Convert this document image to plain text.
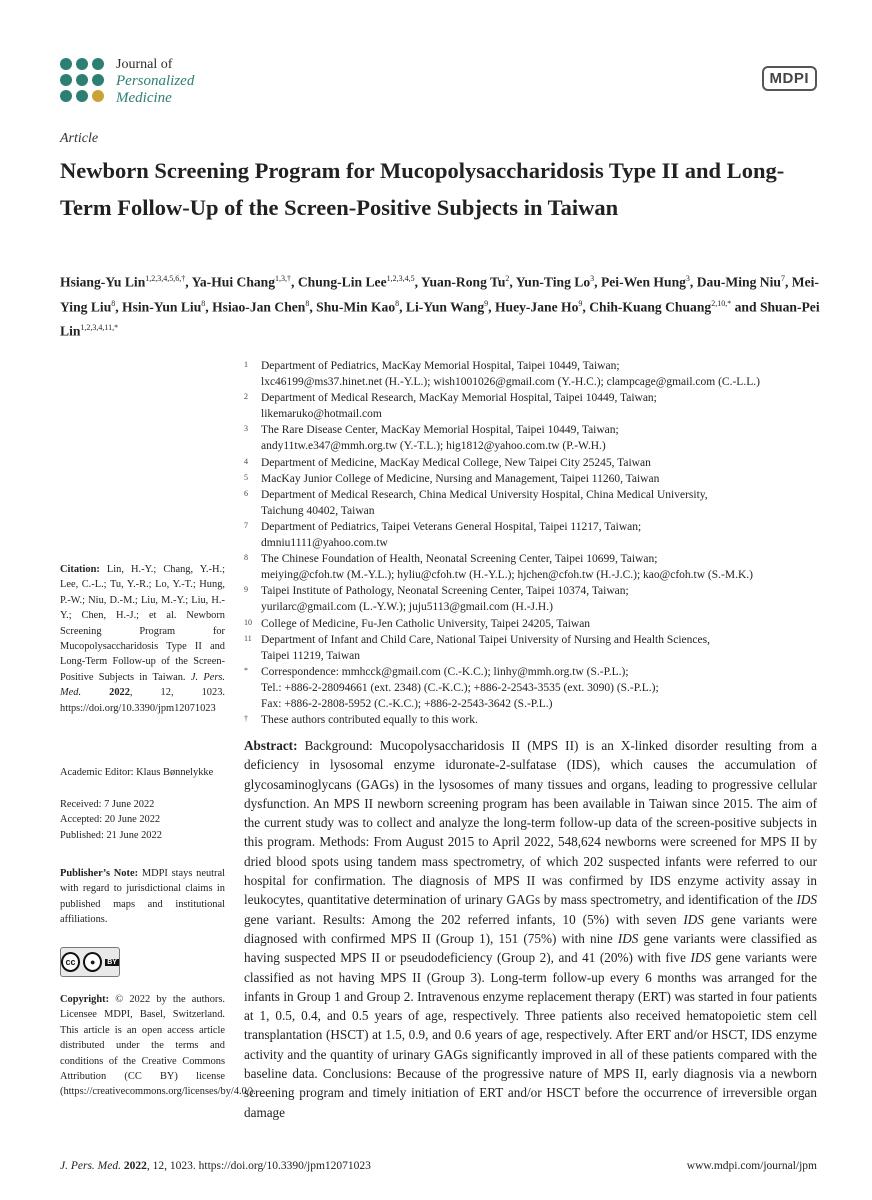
Journal of
Personalized
Medicine
MDPI
Article
Newborn Screening Program for Mucopolysaccharidosis Type II and Long-Term Follow-Up of the Screen-Positive Subjects in Taiwan
Hsiang-Yu Lin$^{1,2,3,4,5,6,\dagger}$, Ya-Hui Chang$^{1,3,\dagger}$, Chung-Lin Lee$^{1,2,3,4,5}$, Yuan-Rong Tu$^2$, Yun-Ting Lo$^3$, Pei-Wen Hung$^3$, Dau-Ming Niu$^7$, Mei-Ying Liu$^8$, Hsin-Yun Liu$^8$, Hsiao-Jan Chen$^8$, Shu-Min Kao$^8$, Li-Yun Wang$^9$, Huey-Jane Ho$^9$, Chih-Kuang Chuang$^{2,10,*}$ and Shuan-Pei Lin$^{1,2,3,4,11,*}$
1	Department of Pediatrics, MacKay Memorial Hospital, Taipei 10449, Taiwan;
lxc46199@ms37.hinet.net (H.-Y.L.); wish1001026@gmail.com (Y.-H.C.); clampcage@gmail.com (C.-L.L.)
2	Department of Medical Research, MacKay Memorial Hospital, Taipei 10449, Taiwan;
likemaruko@hotmail.com
3	The Rare Disease Center, MacKay Memorial Hospital, Taipei 10449, Taiwan;
andy11tw.e347@mmh.org.tw (Y.-T.L.); hig1812@yahoo.com.tw (P.-W.H.)
4	Department of Medicine, MacKay Medical College, New Taipei City 25245, Taiwan
5	MacKay Junior College of Medicine, Nursing and Management, Taipei 11260, Taiwan
6	Department of Medical Research, China Medical University Hospital, China Medical University,
Taichung 40402, Taiwan
7	Department of Pediatrics, Taipei Veterans General Hospital, Taipei 11217, Taiwan;
dmniu1111@yahoo.com.tw
8	The Chinese Foundation of Health, Neonatal Screening Center, Taipei 10699, Taiwan;
meiying@cfoh.tw (M.-Y.L.); hyliu@cfoh.tw (H.-Y.L.); hjchen@cfoh.tw (H.-J.C.); kao@cfoh.tw (S.-M.K.)
9	Taipei Institute of Pathology, Neonatal Screening Center, Taipei 10374, Taiwan;
yurilarc@gmail.com (L.-Y.W.); juju5113@gmail.com (H.-J.H.)
10 College of Medicine, Fu-Jen Catholic University, Taipei 24205, Taiwan
11 Department of Infant and Child Care, National Taipei University of Nursing and Health Sciences,
Taipei 11219, Taiwan
*	Correspondence: mmhcck@gmail.com (C.-K.C.); linhy@mmh.org.tw (S.-P.L.);
Tel.: +886-2-28094661 (ext. 2348) (C.-K.C.); +886-2-2543-3535 (ext. 3090) (S.-P.L.);
Fax: +886-2-2808-5952 (C.-K.C.); +886-2-2543-3642 (S.-P.L.)
†	These authors contributed equally to this work.
Citation: Lin, H.-Y.; Chang, Y.-H.; Lee, C.-L.; Tu, Y.-R.; Lo, Y.-T.; Hung, P.-W.; Niu, D.-M.; Liu, M.-Y.; Liu, H.-Y.; Chen, H.-J.; et al. Newborn Screening Program for Mucopolysaccharidosis Type II and Long-Term Follow-up of the Screen-Positive Subjects in Taiwan. J. Pers. Med.	2022, 12, 1023. https://doi.org/10.3390/jpm12071023
Academic Editor: Klaus Bønnelykke
Received: 7 June 2022
Accepted: 20 June 2022
Published: 21 June 2022
Publisher’s Note: MDPI stays neutral with regard to jurisdictional claims in published maps and institutional affiliations.
cc	●	BY
Copyright: © 2022 by the authors. Licensee MDPI, Basel, Switzerland. This article is an open access article distributed under the terms and conditions of the Creative Commons Attribution (CC BY) license (https://creativecommons.org/licenses/by/4.0/).
Abstract: Background: Mucopolysaccharidosis II (MPS II) is an X-linked disorder resulting from a deficiency in lysosomal enzyme iduronate-2-sulfatase (IDS), which causes the accumulation of glycosaminoglycans (GAGs) in the lysosomes of many tissues and organs, leading to progressive cellular dysfunction. An MPS II newborn screening program has been available in Taiwan since 2015. The aim of the current study was to collect and analyze the long-term follow-up data of the screen-positive subjects in this program. Methods: From August 2015 to April 2022, 548,624 newborns were screened for MPS II by dried blood spots using tandem mass spectrometry, of which 202 suspected infants were referred to our hospital for confirmation. The diagnosis of MPS II was confirmed by IDS enzyme activity assay in leukocytes, quantitative determination of urinary GAGs by mass spectrometry, and identification of the IDS gene variant. Results: Among the 202 referred infants, 10 (5%) with seven IDS gene variants were diagnosed with confirmed MPS II (Group 1), 151 (75%) with nine IDS gene variants were classified as having suspected MPS II or pseudodeficiency (Group 2), and 41 (20%) with five IDS gene variants were classified as not having MPS II (Group 3). Long-term follow-up every 6 months was arranged for the infants in Group 1 and Group 2. Intravenous enzyme replacement therapy (ERT) was started in four patients at 1, 0.5, 0.4, and 0.5 years of age, respectively. Three patients also received hematopoietic stem cell transplantation (HSCT) at 1.5, 0.9, and 0.6 years of age, respectively. After ERT and/or HSCT, IDS enzyme activity and the quantity of urinary GAGs significantly improved in all of these patients compared with the baseline data. Conclusions: Because of the progressive nature of MPS II, early diagnosis via a newborn screening program and timely initiation of ERT and/or HSCT before the occurrence of irreversible organ damage
J. Pers. Med. 2022, 12, 1023. https://doi.org/10.3390/jpm12071023	www.mdpi.com/journal/jpm
